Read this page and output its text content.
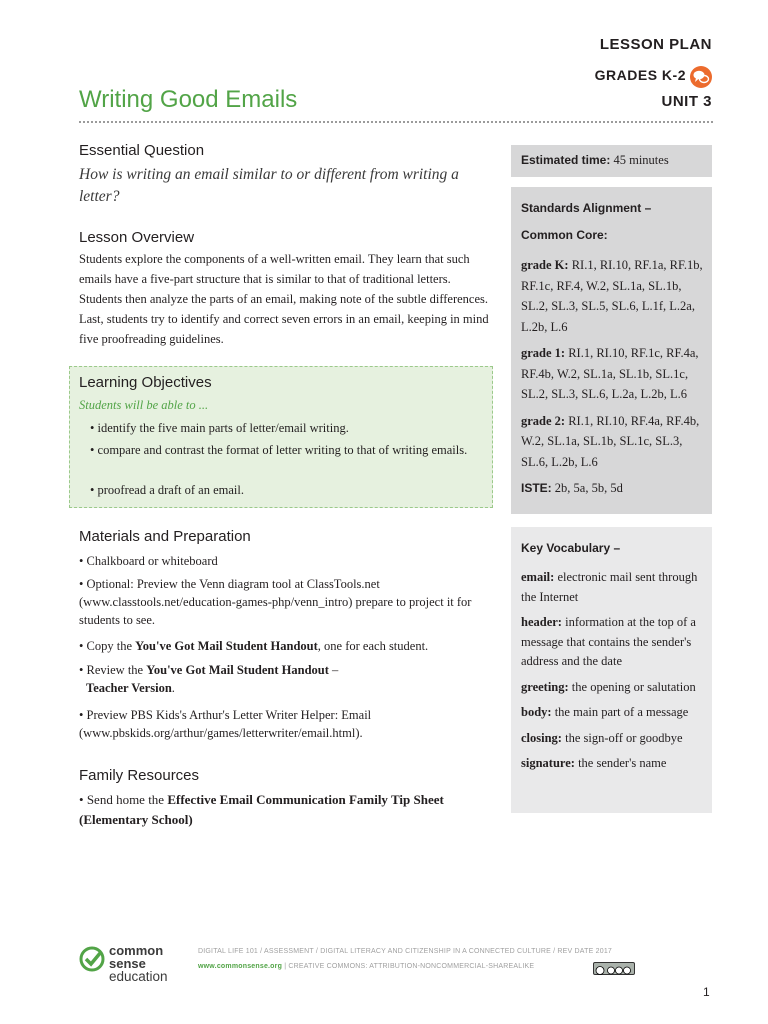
LESSON PLAN
GRADES K-2
UNIT 3
Writing Good Emails
Essential Question
How is writing an email similar to or different from writing a letter?
Lesson Overview
Students explore the components of a well-written email. They learn that such emails have a five-part structure that is similar to that of traditional letters. Students then analyze the parts of an email, making note of the subtle differences. Last, students try to identify and correct seven errors in an email, keeping in mind five proofreading guidelines.
Learning Objectives
Students will be able to ...
• identify the five main parts of letter/email writing.
• compare and contrast the format of letter writing to that of writing emails.
• proofread a draft of an email.
Materials and Preparation
• Chalkboard or whiteboard
• Optional: Preview the Venn diagram tool at ClassTools.net (www.classtools.net/education-games-php/venn_intro) prepare to project it for students to see.
• Copy the You've Got Mail Student Handout, one for each student.
• Review the You've Got Mail Student Handout –
Teacher Version.
• Preview PBS Kids's Arthur's Letter Writer Helper: Email (www.pbskids.org/arthur/games/letterwriter/email.html).
Family Resources
• Send home the Effective Email Communication Family Tip Sheet (Elementary School)
Estimated time: 45 minutes
Standards Alignment –
Common Core:
grade K: RI.1, RI.10, RF.1a, RF.1b, RF.1c, RF.4, W.2, SL.1a, SL.1b, SL.2, SL.3, SL.5, SL.6, L.1f, L.2a, L.2b, L.6
grade 1: RI.1, RI.10, RF.1c, RF.4a, RF.4b, W.2, SL.1a, SL.1b, SL.1c, SL.2, SL.3, SL.6, L.2a, L.2b, L.6
grade 2: RI.1, RI.10, RF.4a, RF.4b, W.2, SL.1a, SL.1b, SL.1c, SL.3, SL.6, L.2b, L.6
ISTE: 2b, 5a, 5b, 5d
Key Vocabulary –
email: electronic mail sent through the Internet
header: information at the top of a message that contains the sender's address and the date
greeting: the opening or salutation
body: the main part of a message
closing: the sign-off or goodbye
signature: the sender's name
common
sense
education
DIGITAL LIFE 101 / ASSESSMENT / DIGITAL LITERACY AND CITIZENSHIP IN A CONNECTED CULTURE / REV DATE 2017
www.commonsense.org | CREATIVE COMMONS: ATTRIBUTION-NONCOMMERCIAL-SHAREALIKE
1
